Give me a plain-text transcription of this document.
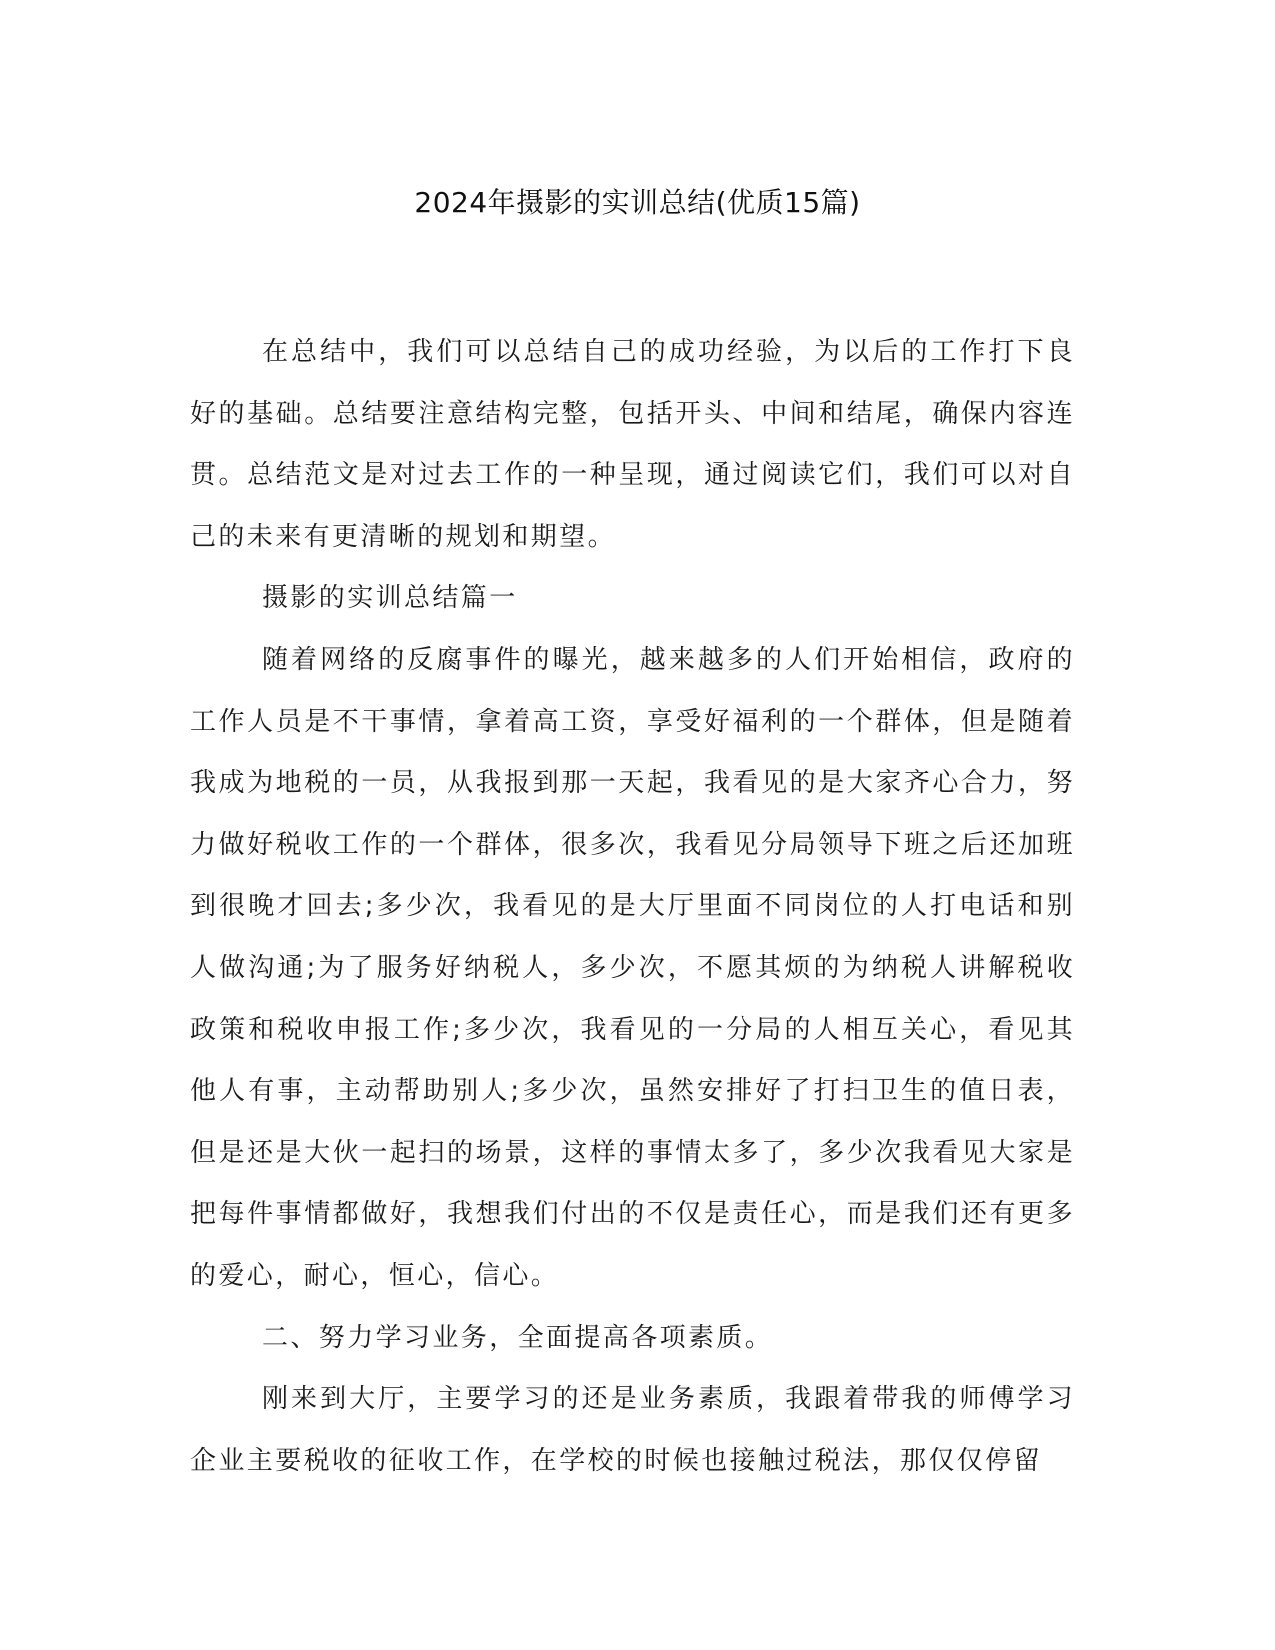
2024年摄影的实训总结(优质15篇)

在总结中，我们可以总结自己的成功经验，为以后的工作打下良好的基础。总结要注意结构完整，包括开头、中间和结尾，确保内容连贯。总结范文是对过去工作的一种呈现，通过阅读它们，我们可以对自己的未来有更清晰的规划和期望。

摄影的实训总结篇一

随着网络的反腐事件的曝光，越来越多的人们开始相信，政府的工作人员是不干事情，拿着高工资，享受好福利的一个群体，但是随着我成为地税的一员，从我报到那一天起，我看见的是大家齐心合力，努力做好税收工作的一个群体，很多次，我看见分局领导下班之后还加班到很晚才回去;多少次，我看见的是大厅里面不同岗位的人打电话和别人做沟通;为了服务好纳税人，多少次，不愿其烦的为纳税人讲解税收政策和税收申报工作;多少次，我看见的一分局的人相互关心，看见其他人有事，主动帮助别人;多少次，虽然安排好了打扫卫生的值日表，但是还是大伙一起扫的场景，这样的事情太多了，多少次我看见大家是把每件事情都做好，我想我们付出的不仅是责任心，而是我们还有更多的爱心，耐心，恒心，信心。

二、努力学习业务，全面提高各项素质。

刚来到大厅，主要学习的还是业务素质，我跟着带我的师傅学习企业主要税收的征收工作，在学校的时候也接触过税法，那仅仅停留
